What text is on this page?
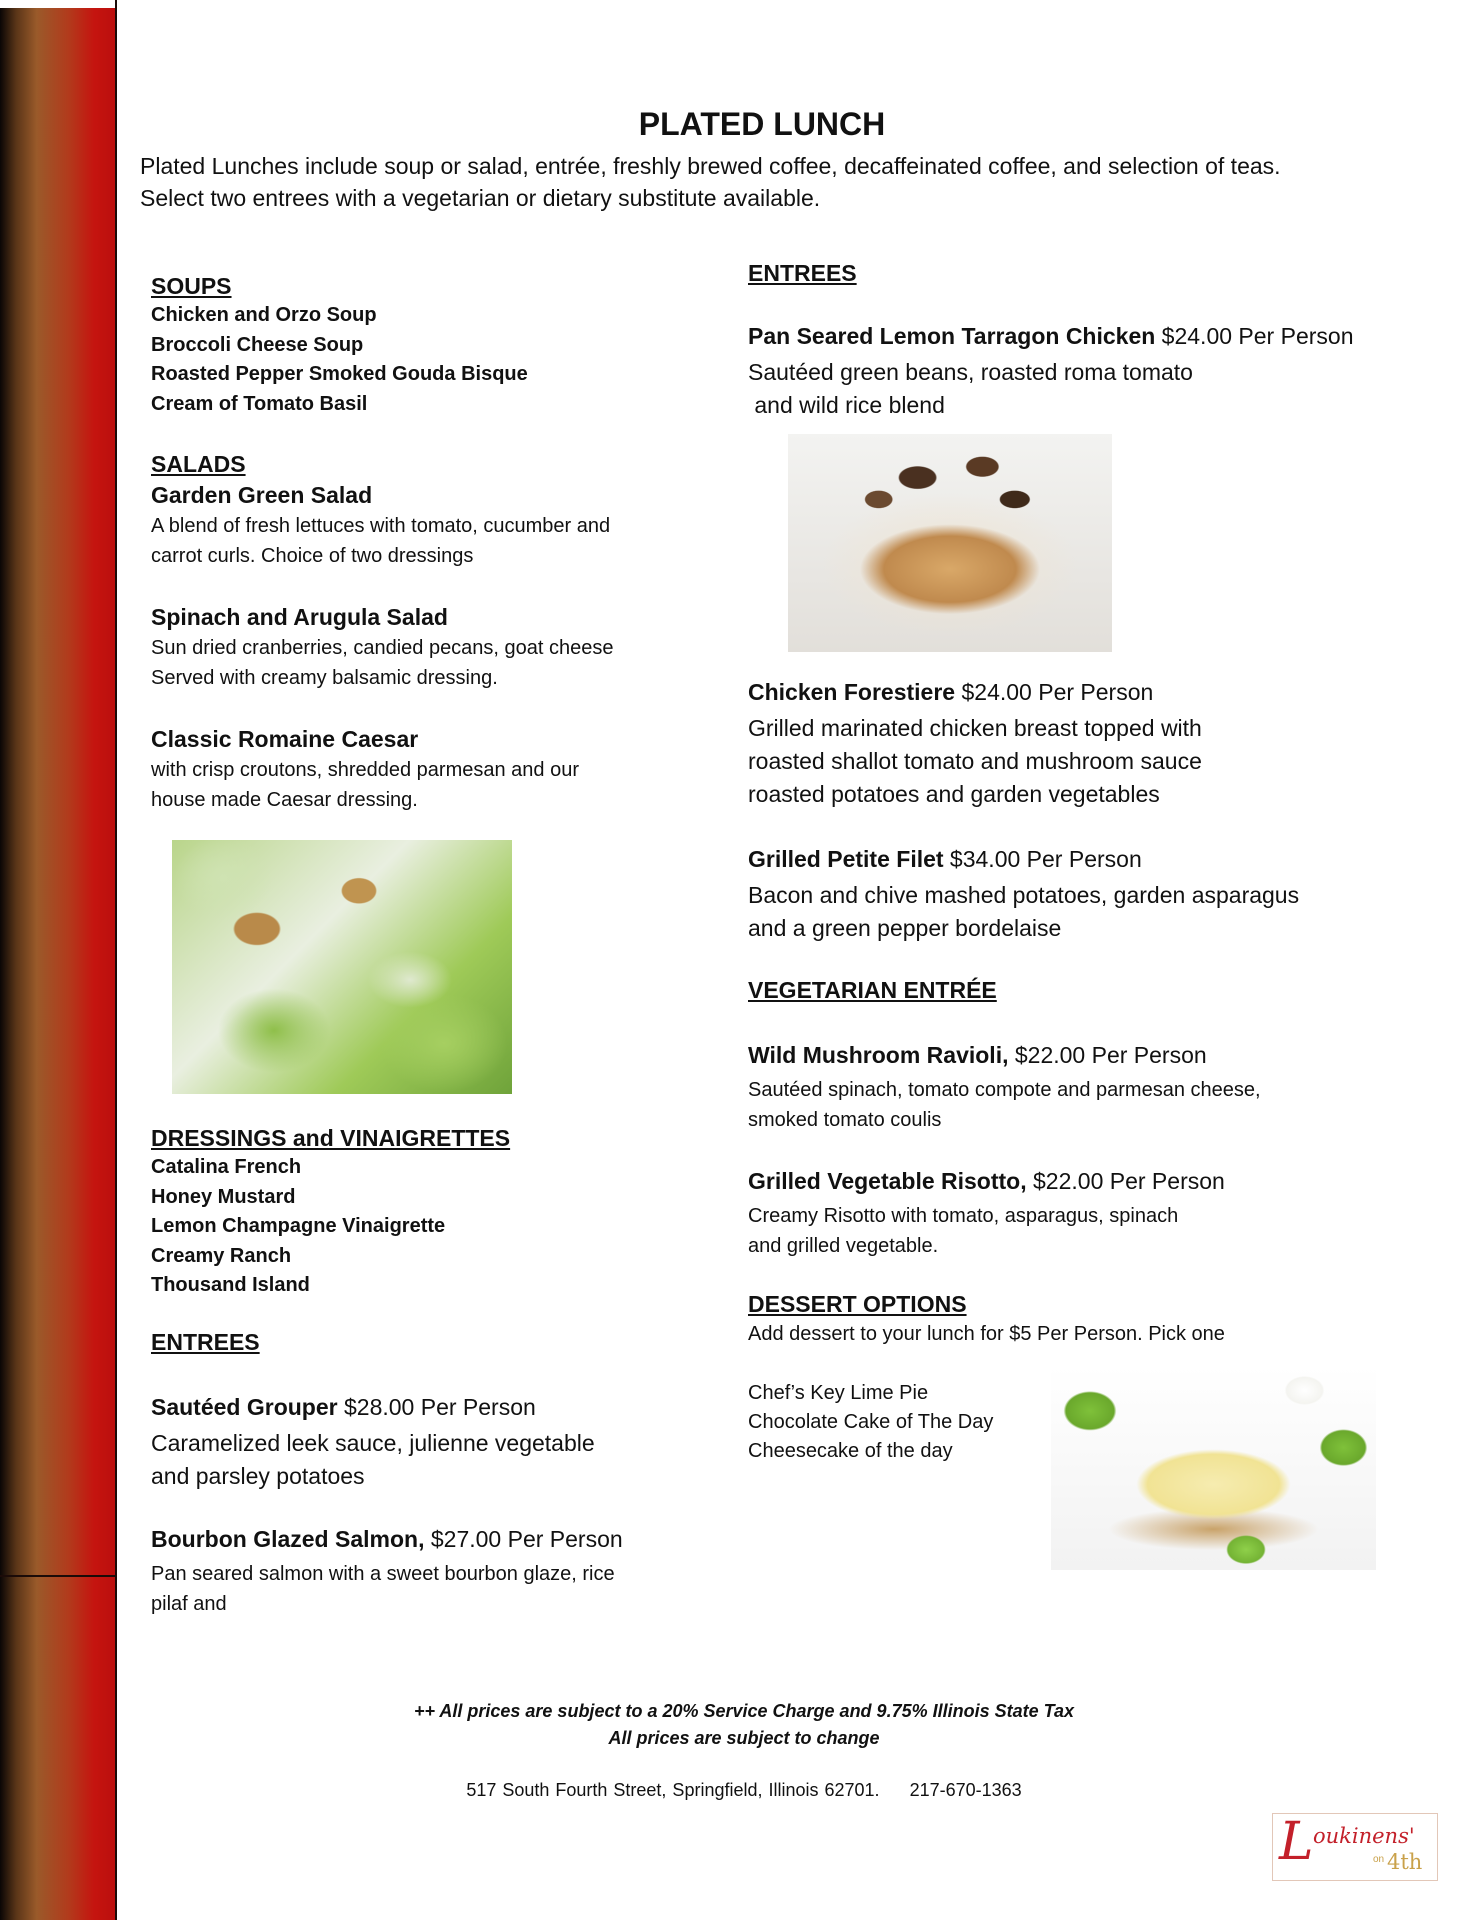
PLATED LUNCH
Plated Lunches include soup or salad, entrée, freshly brewed coffee, decaffeinated coffee, and selection of teas. Select two entrees with a vegetarian or dietary substitute available.
SOUPS
Chicken and Orzo Soup
Broccoli Cheese Soup
Roasted Pepper Smoked Gouda Bisque
Cream of Tomato Basil
SALADS
Garden Green Salad
A blend of fresh lettuces with tomato, cucumber and
carrot curls. Choice of two dressings
Spinach and Arugula Salad
Sun dried cranberries, candied pecans, goat cheese
Served with creamy balsamic dressing.
Classic Romaine Caesar
with crisp croutons, shredded parmesan and our
house made Caesar dressing.
DRESSINGS and VINAIGRETTES
Catalina French
Honey Mustard
Lemon Champagne Vinaigrette
Creamy Ranch
Thousand Island
ENTREES
Sautéed Grouper $28.00 Per Person
Caramelized leek sauce, julienne vegetable
and parsley potatoes
Bourbon Glazed Salmon, $27.00 Per Person
Pan seared salmon with a sweet bourbon glaze, rice
pilaf and
ENTREES
Pan Seared Lemon Tarragon Chicken $24.00 Per Person
Sautéed green beans, roasted roma tomato
and wild rice blend
Chicken Forestiere $24.00 Per Person
Grilled marinated chicken breast topped with
roasted shallot tomato and mushroom sauce
roasted potatoes and garden vegetables
Grilled Petite Filet $34.00 Per Person
Bacon and chive mashed potatoes, garden asparagus
and a green pepper bordelaise
VEGETARIAN ENTRÉE
Wild Mushroom Ravioli, $22.00 Per Person
Sautéed spinach, tomato compote and parmesan cheese,
smoked tomato coulis
Grilled Vegetable Risotto, $22.00 Per Person
Creamy Risotto with tomato, asparagus, spinach
and grilled vegetable.
DESSERT OPTIONS
Add dessert to your lunch for $5 Per Person. Pick one
Chef’s Key Lime Pie
Chocolate Cake of The Day
Cheesecake of the day
++ All prices are subject to a 20% Service Charge and 9.75% Illinois State Tax
All prices are subject to change
517 South Fourth Street, Springfield, Illinois 62701.     217-670-1363
L oukinens'
on 4th
